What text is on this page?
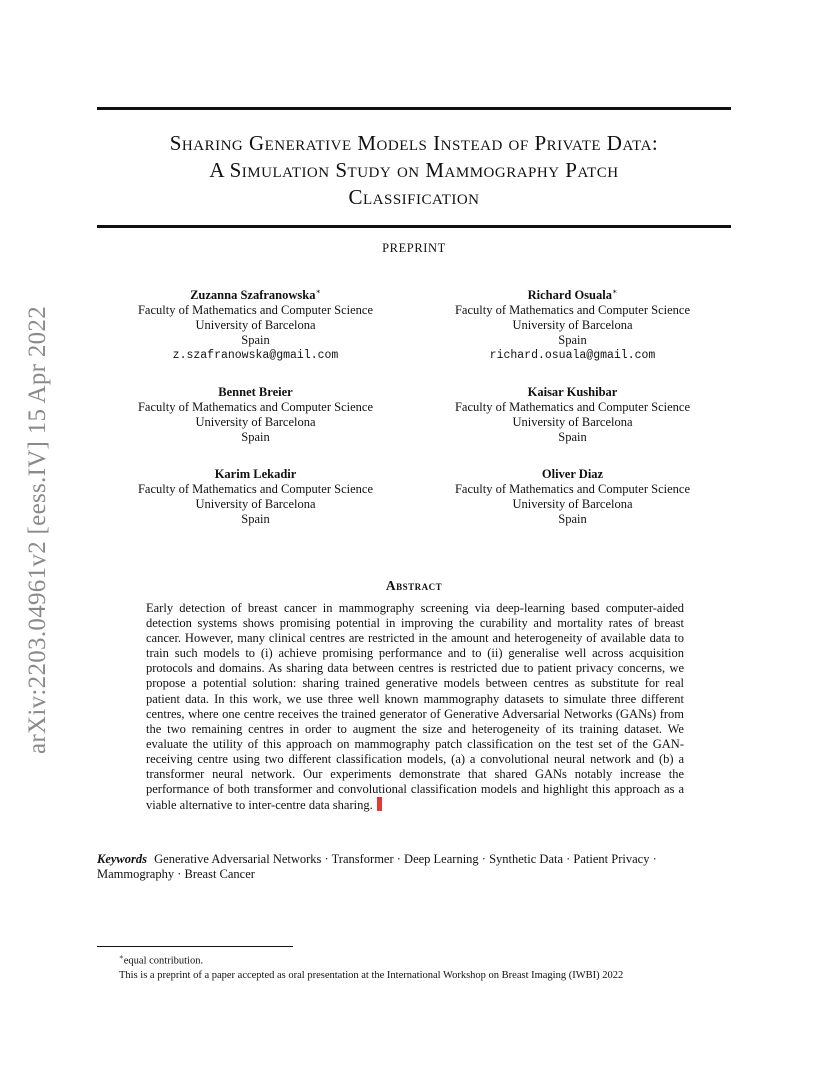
arXiv:2203.04961v2 [eess.IV] 15 Apr 2022
Sharing Generative Models Instead of Private Data:
A Simulation Study on Mammography Patch
Classification
PREPRINT
Zuzanna Szafranowska∗
Faculty of Mathematics and Computer Science
University of Barcelona
Spain
z.szafranowska@gmail.com
Richard Osuala∗
Faculty of Mathematics and Computer Science
University of Barcelona
Spain
richard.osuala@gmail.com
Bennet Breier
Faculty of Mathematics and Computer Science
University of Barcelona
Spain
Kaisar Kushibar
Faculty of Mathematics and Computer Science
University of Barcelona
Spain
Karim Lekadir
Faculty of Mathematics and Computer Science
University of Barcelona
Spain
Oliver Diaz
Faculty of Mathematics and Computer Science
University of Barcelona
Spain
Abstract
Early detection of breast cancer in mammography screening via deep-learning based computer-aided detection systems shows promising potential in improving the curability and mortality rates of breast cancer. However, many clinical centres are restricted in the amount and heterogeneity of available data to train such models to (i) achieve promising performance and to (ii) generalise well across acquisition protocols and domains. As sharing data between centres is restricted due to patient privacy concerns, we propose a potential solution: sharing trained generative models between centres as substitute for real patient data. In this work, we use three well known mammography datasets to simulate three different centres, where one centre receives the trained generator of Generative Adversarial Networks (GANs) from the two remaining centres in order to augment the size and heterogeneity of its training dataset. We evaluate the utility of this approach on mammography patch classification on the test set of the GAN-receiving centre using two different classification models, (a) a convolutional neural network and (b) a transformer neural network. Our experiments demonstrate that shared GANs notably increase the performance of both transformer and convolutional classification models and highlight this approach as a viable alternative to inter-centre data sharing.
Keywords Generative Adversarial Networks · Transformer · Deep Learning · Synthetic Data · Patient Privacy · Mammography · Breast Cancer
∗equal contribution.
This is a preprint of a paper accepted as oral presentation at the International Workshop on Breast Imaging (IWBI) 2022
